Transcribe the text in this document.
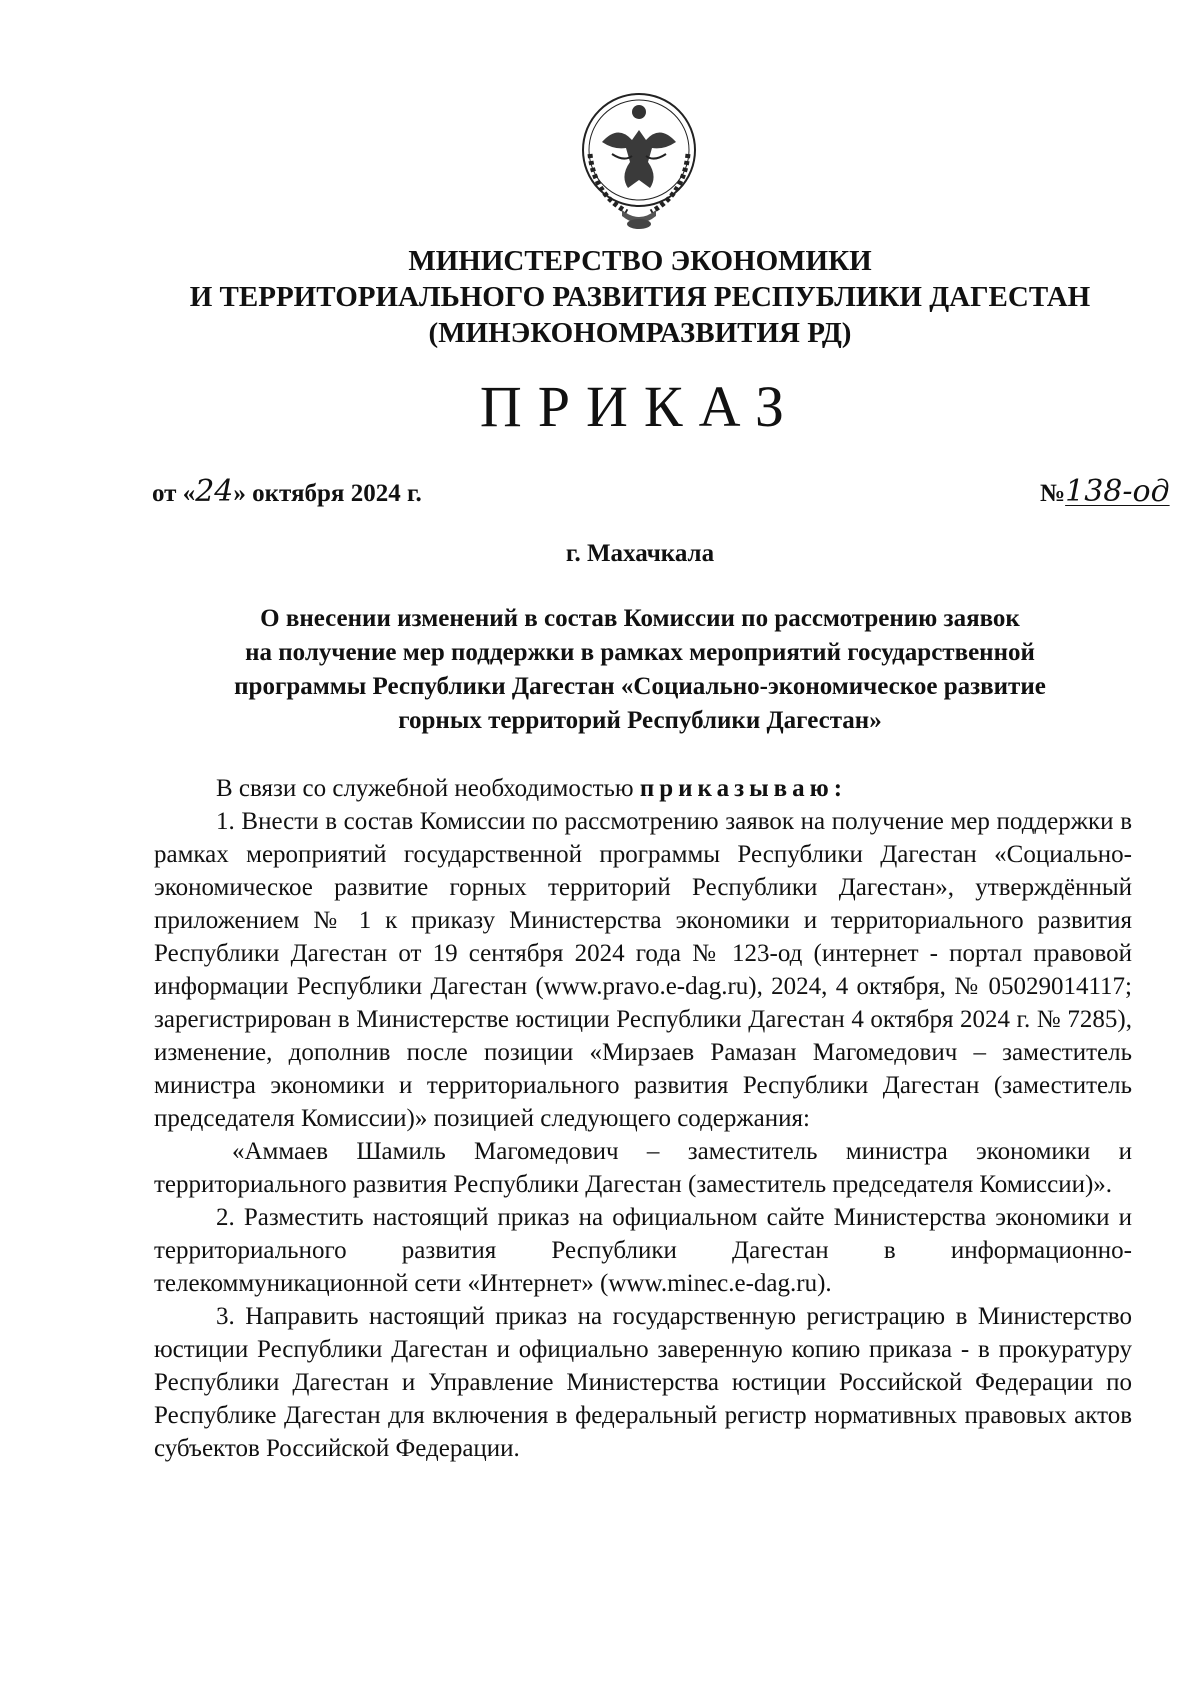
МИНИСТЕРСТВО ЭКОНОМИКИ
И ТЕРРИТОРИАЛЬНОГО РАЗВИТИЯ РЕСПУБЛИКИ ДАГЕСТАН
(МИНЭКОНОМРАЗВИТИЯ РД)
ПРИКАЗ
от «24» октября 2024 г.	№138-од
г. Махачкала
О внесении изменений в состав Комиссии по рассмотрению заявок
на получение мер поддержки в рамках мероприятий государственной
программы Республики Дагестан «Социально-экономическое развитие
горных территорий Республики Дагестан»

В связи со служебной необходимостью приказываю:

1. Внести в состав Комиссии по рассмотрению заявок на получение мер поддержки в рамках мероприятий государственной программы Республики Дагестан «Социально-экономическое развитие горных территорий Республики Дагестан», утверждённый приложением № 1 к приказу Министерства экономики и территориального развития Республики Дагестан от 19 сентября 2024 года № 123-од (интернет - портал правовой информации Республики Дагестан (www.pravo.e-dag.ru), 2024, 4 октября, № 05029014117; зарегистрирован в Министерстве юстиции Республики Дагестан 4 октября 2024 г. № 7285), изменение, дополнив после позиции «Мирзаев Рамазан Магомедович – заместитель министра экономики и территориального развития Республики Дагестан (заместитель председателя Комиссии)» позицией следующего содержания:

«Аммаев Шамиль Магомедович – заместитель министра экономики и территориального развития Республики Дагестан (заместитель председателя Комиссии)».

2. Разместить настоящий приказ на официальном сайте Министерства экономики и территориального развития Республики Дагестан в информационно-телекоммуникационной сети «Интернет» (www.minec.e-dag.ru).

3. Направить настоящий приказ на государственную регистрацию в Министерство юстиции Республики Дагестан и официально заверенную копию приказа - в прокуратуру Республики Дагестан и Управление Министерства юстиции Российской Федерации по Республике Дагестан для включения в федеральный регистр нормативных правовых актов субъектов Российской Федерации.
